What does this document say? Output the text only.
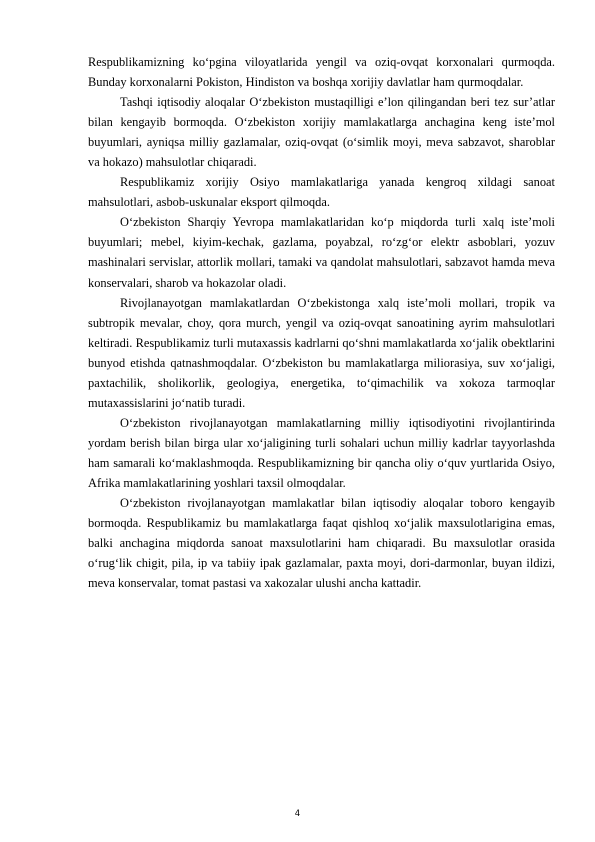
Respublikamizning ko‘pgina viloyatlarida yengil va oziq-ovqat korxonalari qurmoqda. Bunday korxonalarni Pokiston, Hindiston va boshqa xorijiy davlatlar ham qurmoqdalar.

Tashqi iqtisodiy aloqalar O‘zbekiston mustaqilligi e’lon qilingandan beri tez sur’atlar bilan kengayib bormoqda. O‘zbekiston xorijiy mamlakatlarga anchagina keng iste’mol buyumlari, ayniqsa milliy gazlamalar, oziq-ovqat (o‘simlik moyi, meva sabzavot, sharoblar va hokazo) mahsulotlar chiqaradi.

Respublikamiz xorijiy Osiyo mamlakatlariga yanada kengroq xildagi sanoat mahsulotlari, asbob-uskunalar eksport qilmoqda.

O‘zbekiston Sharqiy Yevropa mamlakatlaridan ko‘p miqdorda turli xalq iste’moli buyumlari; mebel, kiyim-kechak, gazlama, poyabzal, ro‘zg‘or elektr asboblari, yozuv mashinalari servislar, attorlik mollari, tamaki va qandolat mahsulotlari, sabzavot hamda meva konservalari, sharob va hokazolar oladi.

Rivojlanayotgan mamlakatlardan O‘zbekistonga xalq iste’moli mollari, tropik va subtropik mevalar, choy, qora murch, yengil va oziq-ovqat sanoatining ayrim mahsulotlari keltiradi. Respublikamiz turli mutaxassis kadrlarni qo‘shni mamlakatlarda xo‘jalik obektlarini bunyod etishda qatnashmoqdalar. O‘zbekiston bu mamlakatlarga miliorasiya, suv xo‘jaligi, paxtachilik, sholikorlik, geologiya, energetika, to‘qimachilik va xokoza tarmoqlar mutaxassislarini jo‘natib turadi.

O‘zbekiston rivojlanayotgan mamlakatlarning milliy iqtisodiyotini rivojlantirinda yordam berish bilan birga ular xo‘jaligining turli sohalari uchun milliy kadrlar tayyorlashda ham samarali ko‘maklashmoqda. Respublikamizning bir qancha oliy o‘quv yurtlarida Osiyo, Afrika mamlakatlarining yoshlari taxsil olmoqdalar.

O‘zbekiston rivojlanayotgan mamlakatlar bilan iqtisodiy aloqalar toboro kengayib bormoqda. Respublikamiz bu mamlakatlarga faqat qishloq xo‘jalik maxsulotlarigina emas, balki anchagina miqdorda sanoat maxsulotlarini ham chiqaradi. Bu maxsulotlar orasida o‘rug‘lik chigit, pila, ip va tabiiy ipak gazlamalar, paxta moyi, dori-darmonlar, buyan ildizi, meva konservalar, tomat pastasi va xakozalar ulushi ancha kattadir.

4
